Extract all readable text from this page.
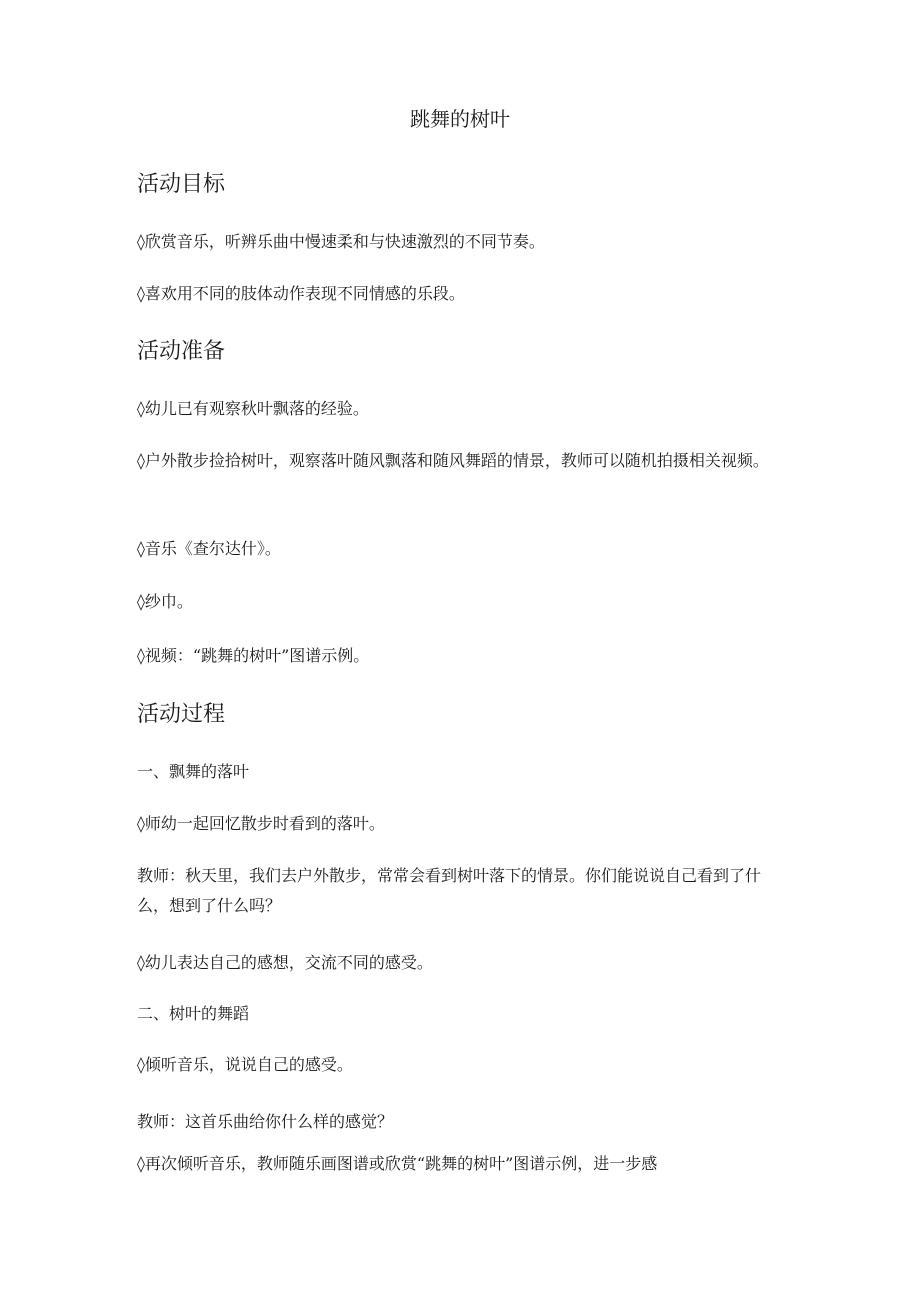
跳舞的树叶
活动目标
◊欣赏音乐，听辨乐曲中慢速柔和与快速激烈的不同节奏。
◊喜欢用不同的肢体动作表现不同情感的乐段。
活动准备
◊幼儿已有观察秋叶飘落的经验。
◊户外散步捡拾树叶，观察落叶随风飘落和随风舞蹈的情景，教师可以随机拍摄相关视频。
◊音乐《查尔达什》。
◊纱巾。
◊视频：“跳舞的树叶”图谱示例。
活动过程
一、飘舞的落叶
◊师幼一起回忆散步时看到的落叶。
教师：秋天里，我们去户外散步，常常会看到树叶落下的情景。你们能说说自己看到了什么，想到了什么吗？
◊幼儿表达自己的感想，交流不同的感受。
二、树叶的舞蹈
◊倾听音乐，说说自己的感受。
教师：这首乐曲给你什么样的感觉？
◊再次倾听音乐，教师随乐画图谱或欣赏“跳舞的树叶”图谱示例，进一步感
